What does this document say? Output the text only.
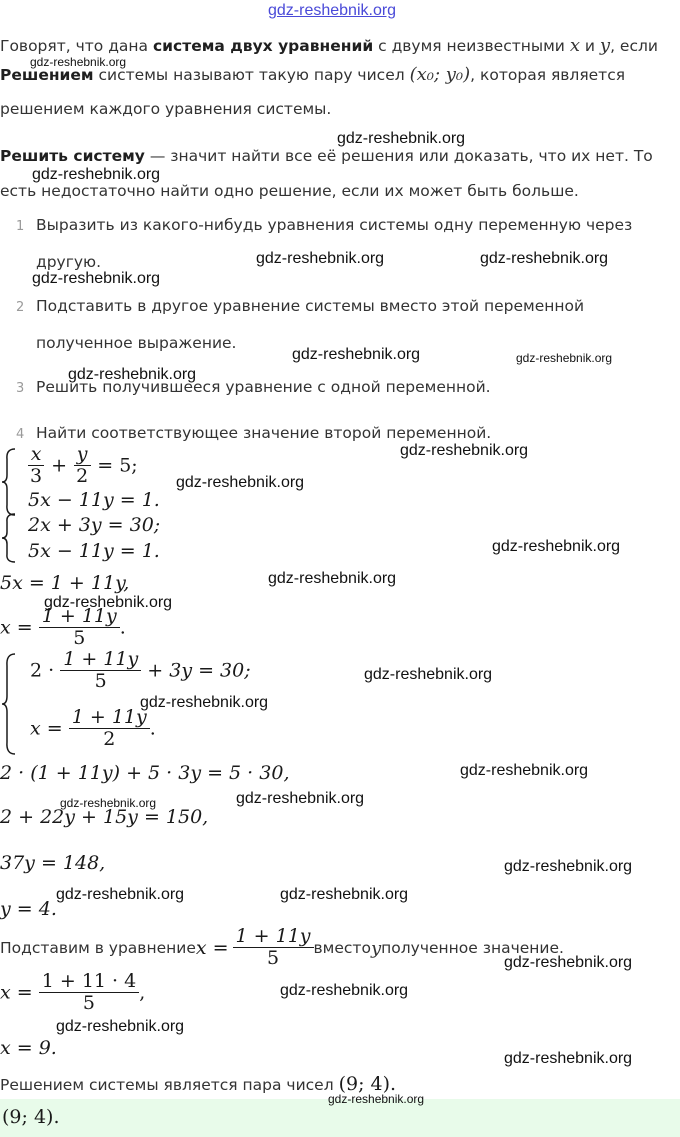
gdz-reshebnik.org
Говорят, что дана система двух уравнений с двумя неизвестными x и y, если
Решением системы называют такую пару чисел (x₀; y₀), которая является
решением каждого уравнения системы.
Решить систему — значит найти все её решения или доказать, что их нет. То
есть недостаточно найти одно решение, если их может быть больше.
1 Выразить из какого-нибудь уравнения системы одну переменную через
другую.
2 Подставить в другое уравнение системы вместо этой переменной
полученное выражение.
3 Решить получившееся уравнение с одной переменной.
4 Найти соответствующее значение второй переменной.
$\frac{x}{3} + \frac{y}{2} = 5$;
5x − 11y = 1.
2x + 3y = 30;
5x − 11y = 1.
5x = 1 + 11y,
$x = \frac{1 + 11y}{5}$ .
$2 \cdot \frac{1 + 11y}{5} + 3y = 30$;
$x = \frac{1 + 11y}{2}$ .
2 · (1 + 11y) + 5 · 3y = 5 · 30,
2 + 22y + 15y = 150,
37y = 148,
y = 4.
Подставим в уравнение $x = \frac{1 + 11y}{5}$ вместо y полученное значение.
$x = \frac{1 + 11 \cdot 4}{5}$ ,
x = 9.
Решением системы является пара чисел (9; 4).
(9; 4).
gdz-reshebnik.org
gdz-reshebnik.org
gdz-reshebnik.org
gdz-reshebnik.org	gdz-reshebnik.org
gdz-reshebnik.org
gdz-reshebnik.org	gdz-reshebnik.org
gdz-reshebnik.org
gdz-reshebnik.org
gdz-reshebnik.org
gdz-reshebnik.org
gdz-reshebnik.org
gdz-reshebnik.org
gdz-reshebnik.org
gdz-reshebnik.org
gdz-reshebnik.org
gdz-reshebnik.org
gdz-reshebnik.org
gdz-reshebnik.org
gdz-reshebnik.org	gdz-reshebnik.org
gdz-reshebnik.org
gdz-reshebnik.org
gdz-reshebnik.org
gdz-reshebnik.org
gdz-reshebnik.org
